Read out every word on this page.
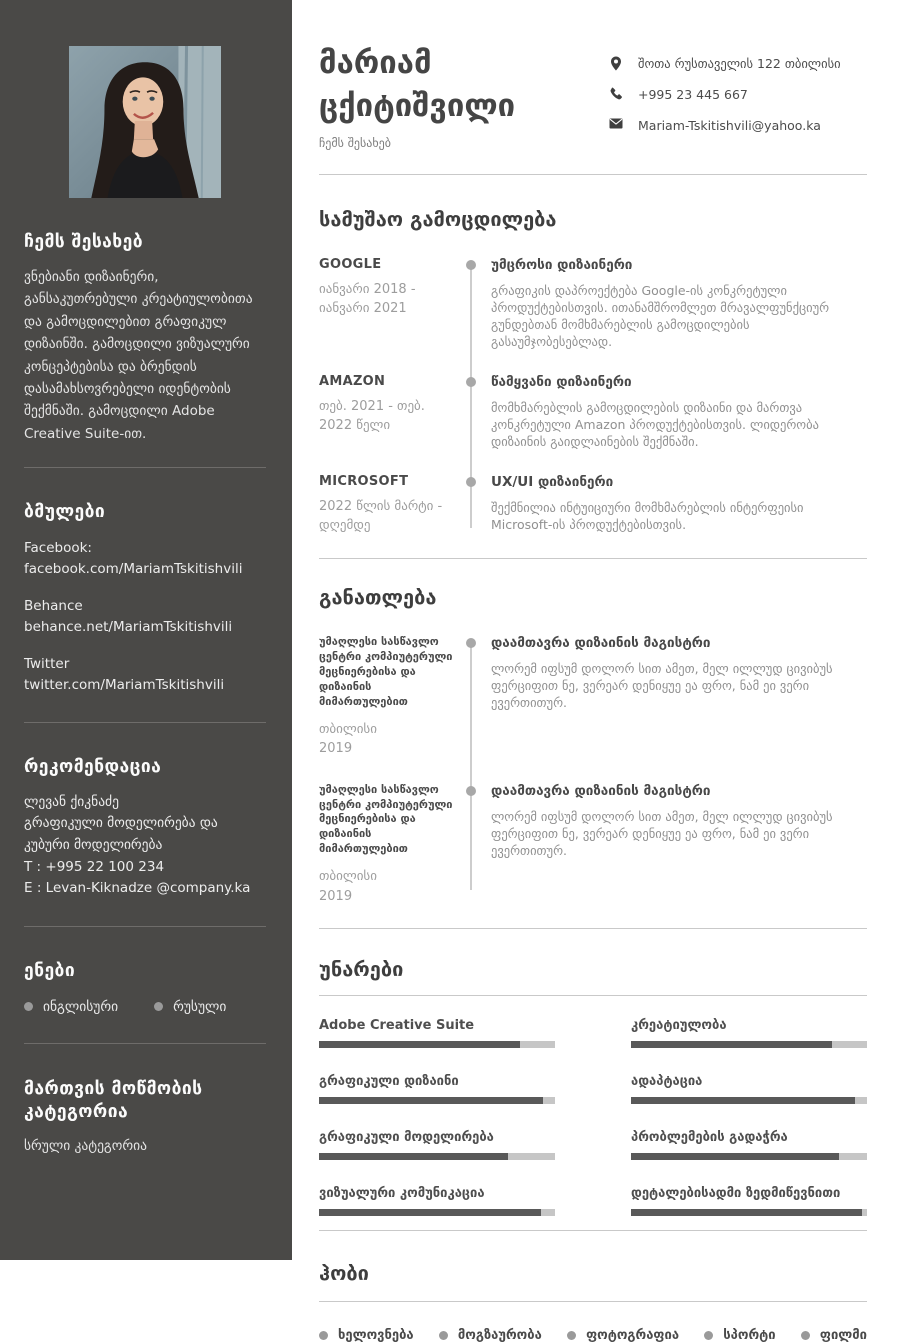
ჩემს შესახებ
ვნებიანი დიზაინერი, განსაკუთრებული კრეატიულობითა და გამოცდილებით გრაფიკულ დიზაინში. გამოცდილი ვიზუალური კონცეპტებისა და ბრენდის დასამახსოვრებელი იდენტობის შექმნაში. გამოცდილი Adobe Creative Suite-ით.
ბმულები
Facebook:
facebook.com/MariamTskitishvili
Behance
behance.net/MariamTskitishvili
Twitter
twitter.com/MariamTskitishvili
რეკომენდაცია
ლევან ქიკნაძე
გრაფიკული მოდელირება და კუბური მოდელირება
T : +995 22 100 234
E : Levan-Kiknadze @company.ka
ენები
ინგლისური	რუსული
მართვის მოწმობის კატეგორია
სრული კატეგორია
მარიამ ცქიტიშვილი
ჩემს შესახებ
შოთა რუსთაველის 122 თბილისი
+995 23 445 667
Mariam-Tskitishvili@yahoo.ka
სამუშაო გამოცდილება
GOOGLE
იანვარი 2018 - იანვარი 2021
უმცროსი დიზაინერი
გრაფიკის დაპროექტება Google-ის კონკრეტული პროდუქტებისთვის. ითანამშრომლეთ მრავალფუნქციურ გუნდებთან მომხმარებლის გამოცდილების გასაუმჯობესებლად.
AMAZON
თებ. 2021 - თებ. 2022 წელი
წამყვანი დიზაინერი
მომხმარებლის გამოცდილების დიზაინი და მართვა კონკრეტული Amazon პროდუქტებისთვის. ლიდერობა დიზაინის გაიდლაინების შექმნაში.
MICROSOFT
2022 წლის მარტი - დღემდე
UX/UI დიზაინერი
შექმნილია ინტუიციური მომხმარებლის ინტერფეისი Microsoft-ის პროდუქტებისთვის.
განათლება
უმაღლესი სასწავლო ცენტრი კომპიუტერული მეცნიერებისა და დიზაინის მიმართულებით
თბილისი
2019
დაამთავრა დიზაინის მაგისტრი
ლორემ იფსუმ დოლორ სით ამეთ, მელ ილლუდ ცივიბუს ფერციფით ნე, ვერეარ დენიყუე ეა ფრო, ნამ ეი ვერი ევერთითურ.
უმაღლესი სასწავლო ცენტრი კომპიუტერული მეცნიერებისა და დიზაინის მიმართულებით
თბილისი
2019
დაამთავრა დიზაინის მაგისტრი
ლორემ იფსუმ დოლორ სით ამეთ, მელ ილლუდ ცივიბუს ფერციფით ნე, ვერეარ დენიყუე ეა ფრო, ნამ ეი ვერი ევერთითურ.
უნარები
Adobe Creative Suite	კრეატიულობა
გრაფიკული დიზაინი	ადაპტაცია
გრაფიკული მოდელირება	პრობლემების გადაჭრა
ვიზუალური კომუნიკაცია	დეტალებისადმი ზედმიწევნითი
ჰობი
ხელოვნება	მოგზაურობა	ფოტოგრაფია	სპორტი	ფილმი
